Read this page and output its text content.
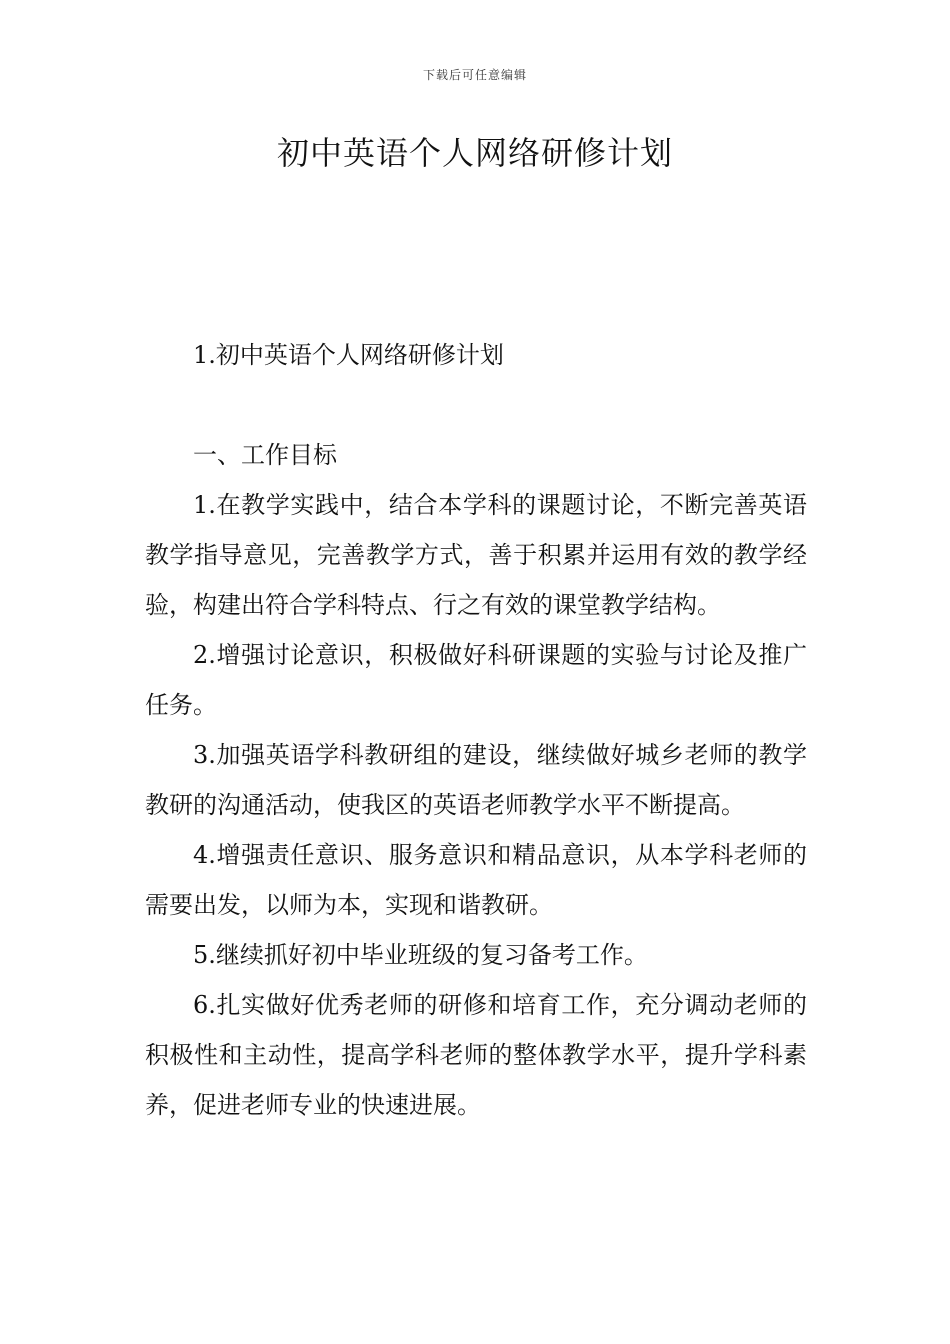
下载后可任意编辑
初中英语个人网络研修计划

1.初中英语个人网络研修计划

一、工作目标

1.在教学实践中，结合本学科的课题讨论，不断完善英语教学指导意见，完善教学方式，善于积累并运用有效的教学经验，构建出符合学科特点、行之有效的课堂教学结构。

2.增强讨论意识，积极做好科研课题的实验与讨论及推广任务。

3.加强英语学科教研组的建设，继续做好城乡老师的教学教研的沟通活动，使我区的英语老师教学水平不断提高。

4.增强责任意识、服务意识和精品意识，从本学科老师的需要出发，以师为本，实现和谐教研。

5.继续抓好初中毕业班级的复习备考工作。

6.扎实做好优秀老师的研修和培育工作，充分调动老师的积极性和主动性，提高学科老师的整体教学水平，提升学科素养，促进老师专业的快速进展。
